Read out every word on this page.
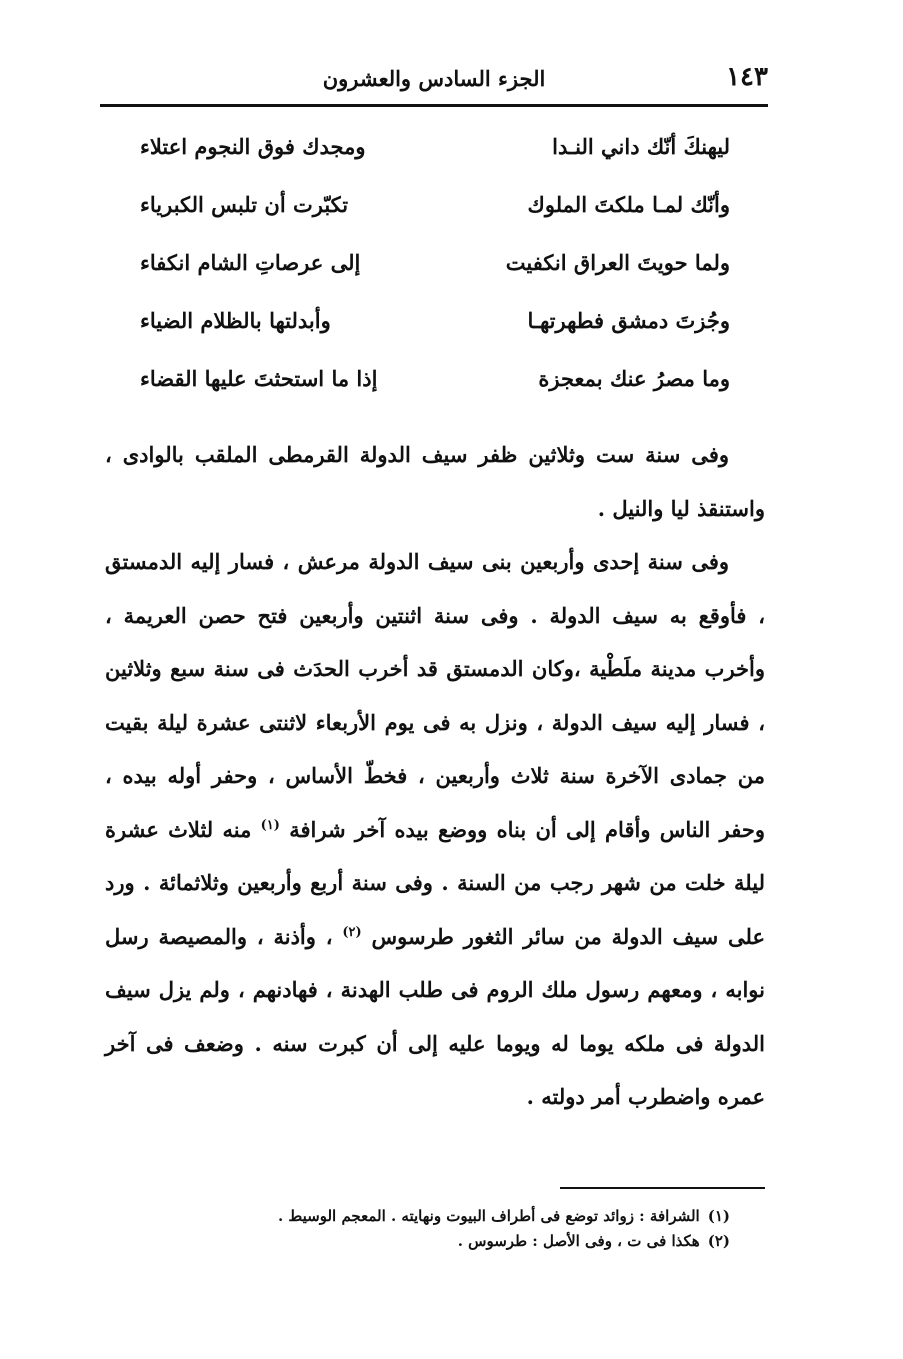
١٤٣
الجزء السادس والعشرون
ليهنكَ أنّك داني النـدا
ومجدك فوق النجوم اعتلاء
وأنّك لمـا ملكتَ الملوك
تكبّرت أن تلبس الكبرياء
ولما حويتَ العراق انكفيت
إلى عرصاتِ الشام انكفاء
وجُزتَ دمشق فطهرتهـا
وأبدلتها بالظلام الضياء
وما مصرُ عنك بمعجزة
إذا ما استحثتَ عليها القضاء

وفى سنة ست وثلاثين ظفر سيف الدولة القرمطى الملقب بالوادى ، واستنقذ ليا والنيل .

وفى سنة إحدى وأربعين بنى سيف الدولة مرعش ، فسار إليه الدمستق ، فأوقع به سيف الدولة . وفى سنة اثنتين وأربعين فتح حصن العريمة ، وأخرب مدينة ملَطْية ،وكان الدمستق قد أخرب الحدَث فى سنة سبع وثلاثين ، فسار إليه سيف الدولة ، ونزل به فى يوم الأربعاء لاثنتى عشرة ليلة بقيت من جمادى الآخرة سنة ثلاث وأربعين ، فخطّ الأساس ، وحفر أوله بيده ، وحفر الناس وأقام إلى أن بناه ووضع بيده آخر شرافة $^{(١)}$ منه لثلاث عشرة ليلة خلت من شهر رجب من السنة . وفى سنة أربع وأربعين وثلاثمائة . ورد على سيف الدولة من سائر الثغور طرسوس $^{(٢)}$ ، وأذنة ، والمصيصة رسل نوابه ، ومعهم رسول ملك الروم فى طلب الهدنة ، فهادنهم ، ولم يزل سيف الدولة فى ملكه يوما له ويوما عليه إلى أن كبرت سنه . وضعف فى آخر عمره واضطرب أمر دولته .

(١)الشرافة : زوائد توضع فى أطراف البيوت ونهايته . المعجم الوسيط .
(٢)هكذا فى ت ، وفى الأصل : طرسوس .
